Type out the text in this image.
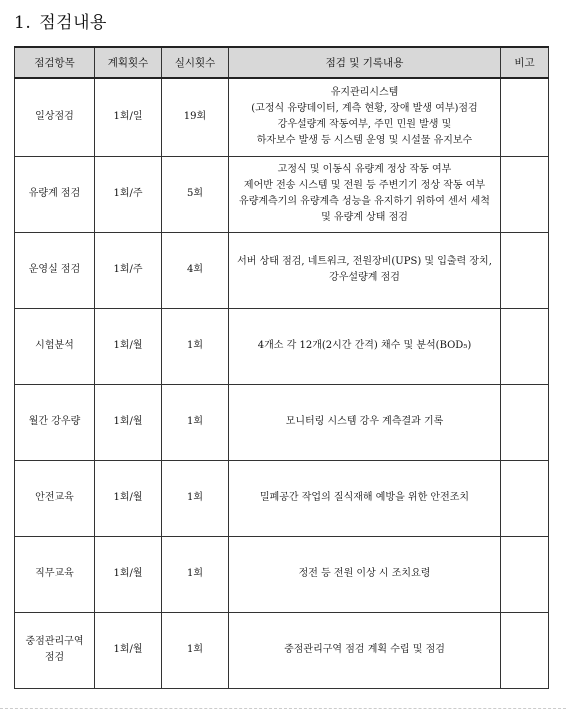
1. 점검내용
점검항목	계획횟수	실시횟수	점검 및 기록내용	비고

일상점검	1회/일	19회	유지관리시스템
(고정식 유량데이터, 계측 현황, 장애 발생 여부)점검
강우설량계 작동여부, 주민 민원 발생 및
하자보수 발생 등 시스템 운영 및 시설물 유지보수	

유량계 점검	1회/주	5회	고정식 및 이동식 유량계 정상 작동 여부
제어반 전송 시스템 및 전원 등 주변기기 정상 작동 여부
유량계측기의 유량계측 성능을 유지하기 위하여 센서 세척
및 유량계 상태 점검	

운영실 점검	1회/주	4회	서버 상태 점검, 네트워크, 전원장비(UPS) 및 입출력 장치,
강우설량계 점검	

시험분석	1회/월	1회	4개소 각 12개(2시간 간격) 채수 및 분석(BOD₅)	

월간 강우량	1회/월	1회	모니터링 시스템 강우 계측결과 기록	

안전교육	1회/월	1회	밀폐공간 작업의 질식재해 예방을 위한 안전조치	

직무교육	1회/월	1회	정전 등 전원 이상 시 조치요령	

중점관리구역
점검	1회/월	1회	중점관리구역 점검 계획 수립 및 점검	
